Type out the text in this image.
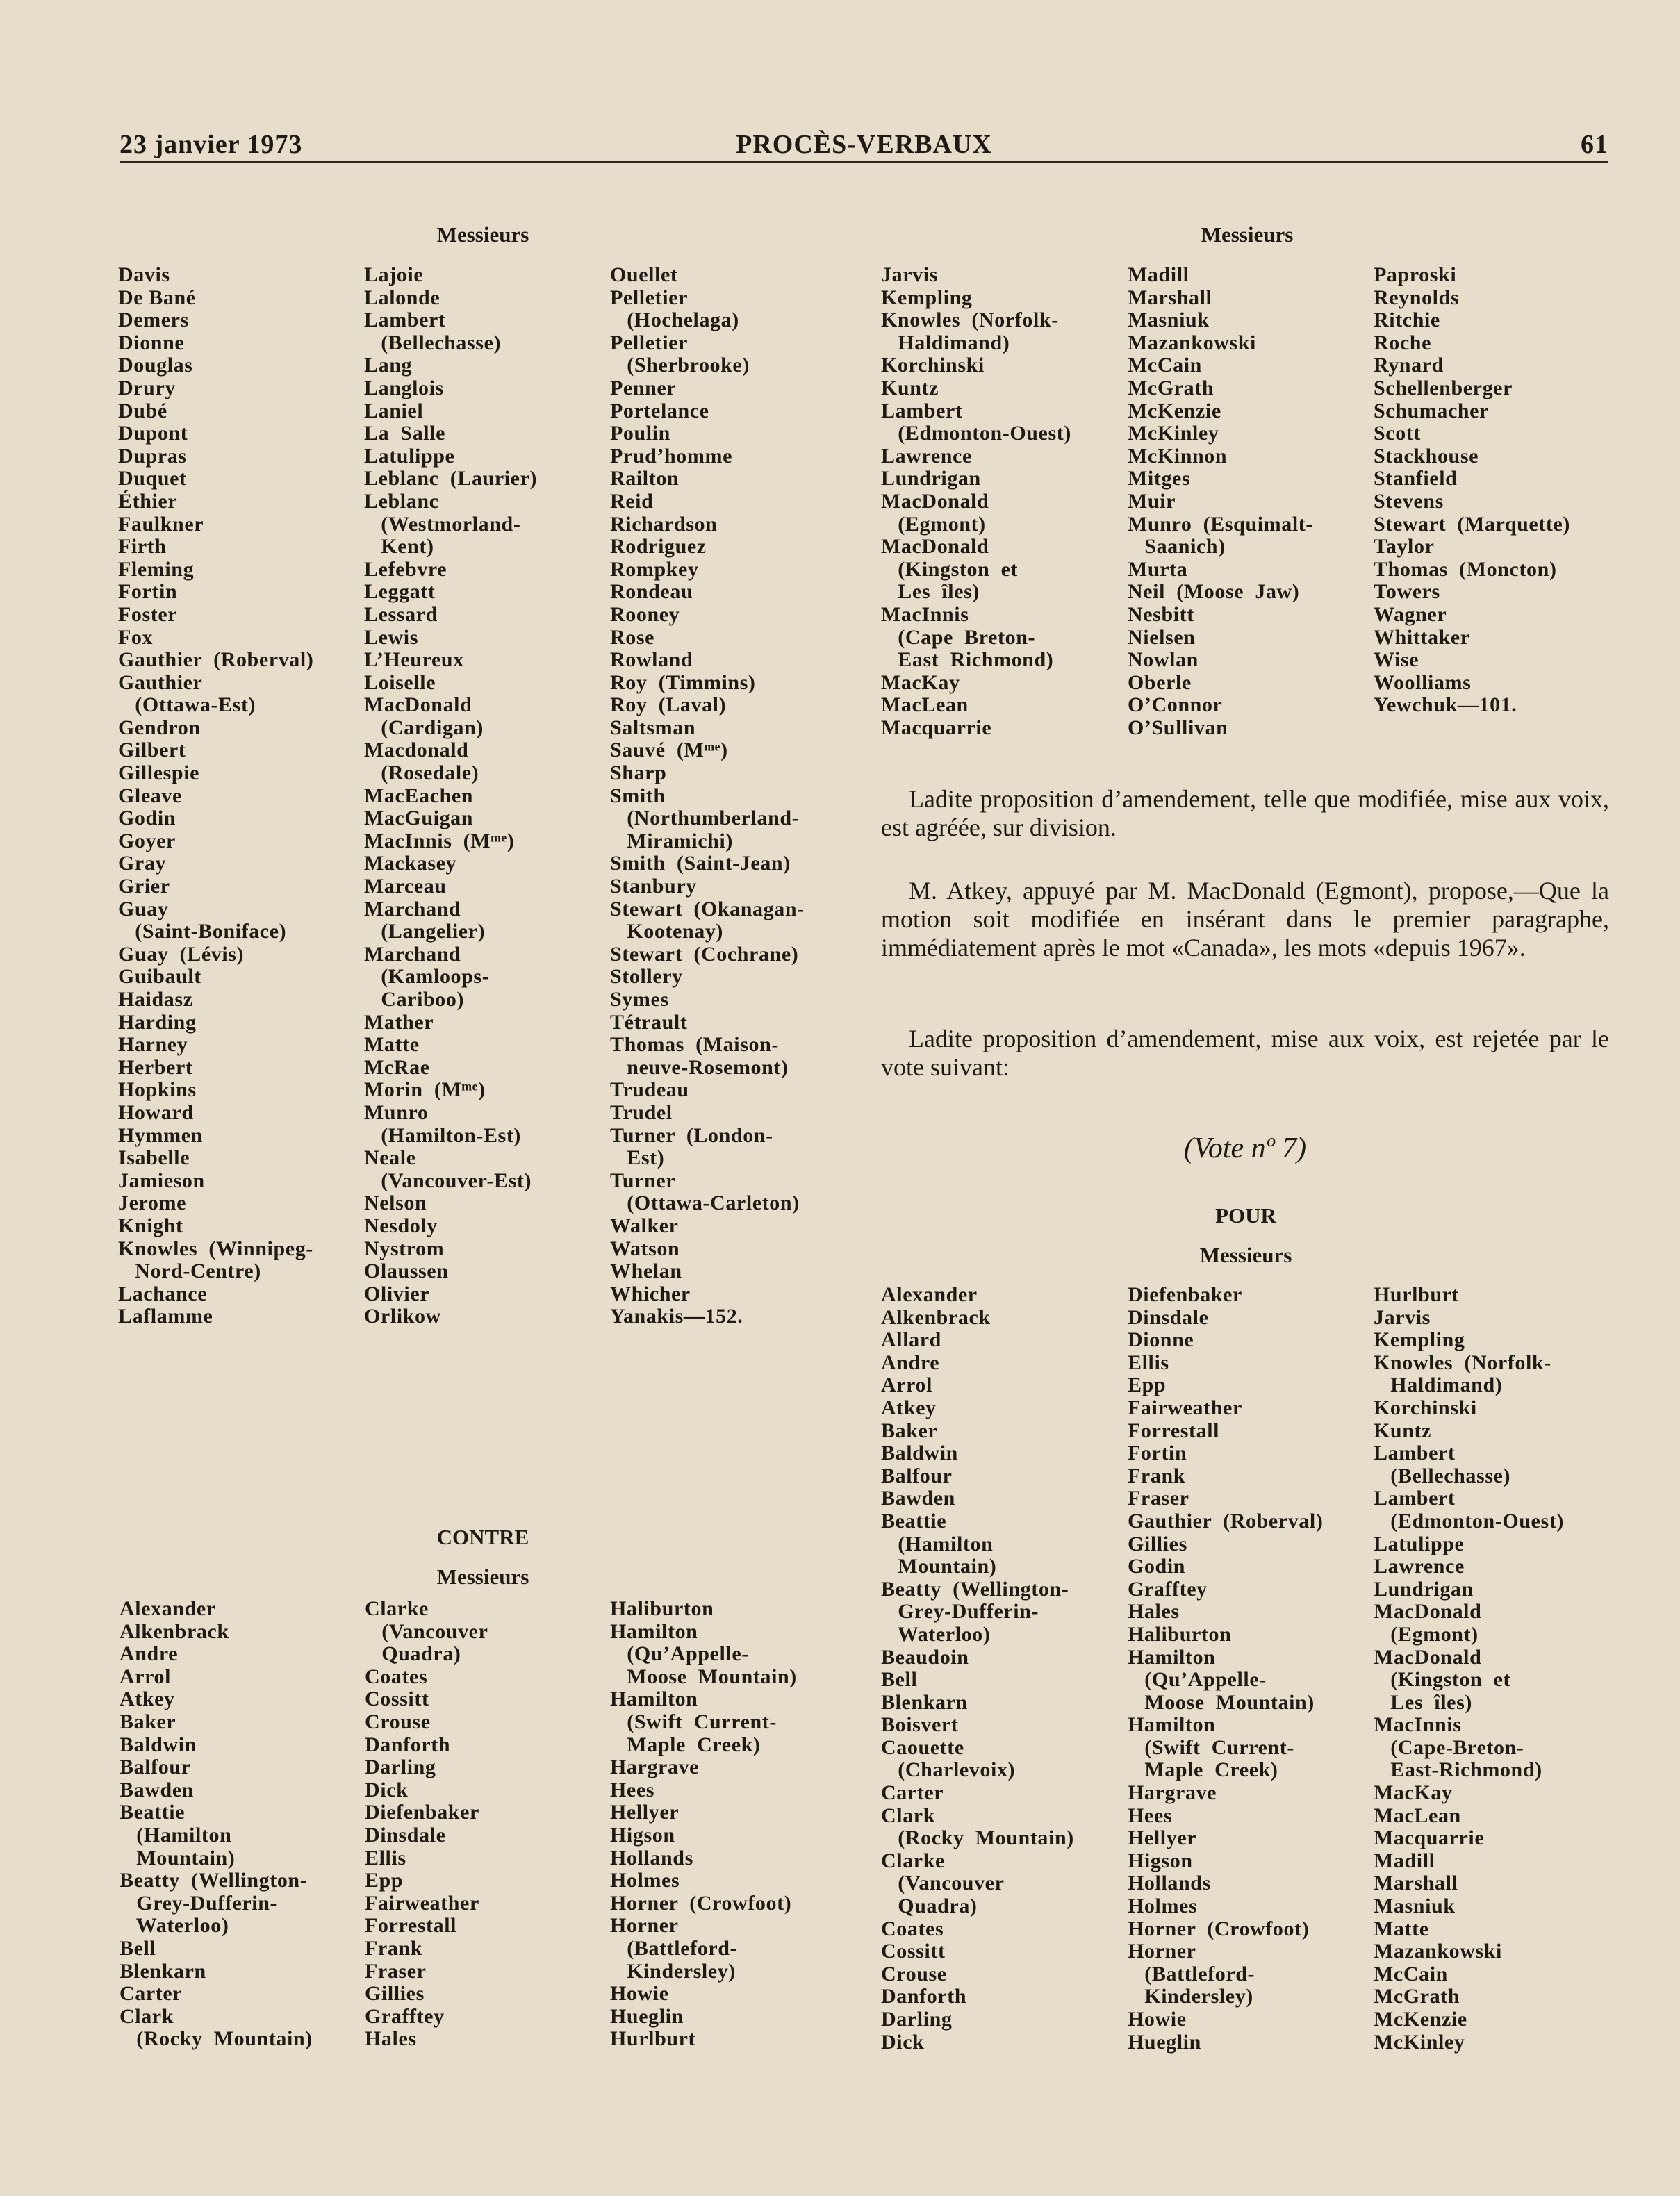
23 janvier 1973	PROCÈS-VERBAUX	61
Messieurs
Davis
De Bané
Demers
Dionne
Douglas
Drury
Dubé
Dupont
Dupras
Duquet
Éthier
Faulkner
Firth
Fleming
Fortin
Foster
Fox
Gauthier  (Roberval)
Gauthier
(Ottawa-Est)
Gendron
Gilbert
Gillespie
Gleave
Godin
Goyer
Gray
Grier
Guay
(Saint-Boniface)
Guay  (Lévis)
Guibault
Haidasz
Harding
Harney
Herbert
Hopkins
Howard
Hymmen
Isabelle
Jamieson
Jerome
Knight
Knowles  (Winnipeg-
Nord-Centre)
Lachance
Laflamme
Lajoie
Lalonde
Lambert
(Bellechasse)
Lang
Langlois
Laniel
La  Salle
Latulippe
Leblanc  (Laurier)
Leblanc
(Westmorland-
Kent)
Lefebvre
Leggatt
Lessard
Lewis
L’Heureux
Loiselle
MacDonald
(Cardigan)
Macdonald
(Rosedale)
MacEachen
MacGuigan
MacInnis  (Mᵐᵉ)
Mackasey
Marceau
Marchand
(Langelier)
Marchand
(Kamloops-
Cariboo)
Mather
Matte
McRae
Morin  (Mᵐᵉ)
Munro
(Hamilton-Est)
Neale
(Vancouver-Est)
Nelson
Nesdoly
Nystrom
Olaussen
Olivier
Orlikow
Ouellet
Pelletier
(Hochelaga)
Pelletier
(Sherbrooke)
Penner
Portelance
Poulin
Prud’homme
Railton
Reid
Richardson
Rodriguez
Rompkey
Rondeau
Rooney
Rose
Rowland
Roy  (Timmins)
Roy  (Laval)
Saltsman
Sauvé  (Mᵐᵉ)
Sharp
Smith
(Northumberland-
Miramichi)
Smith  (Saint-Jean)
Stanbury
Stewart  (Okanagan-
Kootenay)
Stewart  (Cochrane)
Stollery
Symes
Tétrault
Thomas  (Maison-
neuve-Rosemont)
Trudeau
Trudel
Turner  (London-
Est)
Turner
(Ottawa-Carleton)
Walker
Watson
Whelan
Whicher
Yanakis—152.
Messieurs
Jarvis
Kempling
Knowles  (Norfolk-
Haldimand)
Korchinski
Kuntz
Lambert
(Edmonton-Ouest)
Lawrence
Lundrigan
MacDonald
(Egmont)
MacDonald
(Kingston  et
Les  îles)
MacInnis
(Cape  Breton-
East  Richmond)
MacKay
MacLean
Macquarrie
Madill
Marshall
Masniuk
Mazankowski
McCain
McGrath
McKenzie
McKinley
McKinnon
Mitges
Muir
Munro  (Esquimalt-
Saanich)
Murta
Neil  (Moose  Jaw)
Nesbitt
Nielsen
Nowlan
Oberle
O’Connor
O’Sullivan
Paproski
Reynolds
Ritchie
Roche
Rynard
Schellenberger
Schumacher
Scott
Stackhouse
Stanfield
Stevens
Stewart  (Marquette)
Taylor
Thomas  (Moncton)
Towers
Wagner
Whittaker
Wise
Woolliams
Yewchuk—101.
Ladite proposition d’amendement, telle que modifiée, mise aux voix, est agréée, sur division.
M. Atkey, appuyé par M. MacDonald (Egmont), propose,—Que la motion soit modifiée en insérant dans le premier paragraphe, immédiatement après le mot «Canada», les mots «depuis 1967».
Ladite proposition d’amendement, mise aux voix, est rejetée par le vote suivant:
(Vote nº 7)
POUR
Messieurs
CONTRE
Messieurs
Alexander
Alkenbrack
Andre
Arrol
Atkey
Baker
Baldwin
Balfour
Bawden
Beattie
(Hamilton
Mountain)
Beatty  (Wellington-
Grey-Dufferin-
Waterloo)
Bell
Blenkarn
Carter
Clark
(Rocky  Mountain)
Clarke
(Vancouver
Quadra)
Coates
Cossitt
Crouse
Danforth
Darling
Dick
Diefenbaker
Dinsdale
Ellis
Epp
Fairweather
Forrestall
Frank
Fraser
Gillies
Grafftey
Hales
Haliburton
Hamilton
(Qu’Appelle-
Moose  Mountain)
Hamilton
(Swift  Current-
Maple  Creek)
Hargrave
Hees
Hellyer
Higson
Hollands
Holmes
Horner  (Crowfoot)
Horner
(Battleford-
Kindersley)
Howie
Hueglin
Hurlburt
Alexander
Alkenbrack
Allard
Andre
Arrol
Atkey
Baker
Baldwin
Balfour
Bawden
Beattie
(Hamilton
Mountain)
Beatty  (Wellington-
Grey-Dufferin-
Waterloo)
Beaudoin
Bell
Blenkarn
Boisvert
Caouette
(Charlevoix)
Carter
Clark
(Rocky  Mountain)
Clarke
(Vancouver
Quadra)
Coates
Cossitt
Crouse
Danforth
Darling
Dick
Diefenbaker
Dinsdale
Dionne
Ellis
Epp
Fairweather
Forrestall
Fortin
Frank
Fraser
Gauthier  (Roberval)
Gillies
Godin
Grafftey
Hales
Haliburton
Hamilton
(Qu’Appelle-
Moose  Mountain)
Hamilton
(Swift  Current-
Maple  Creek)
Hargrave
Hees
Hellyer
Higson
Hollands
Holmes
Horner  (Crowfoot)
Horner
(Battleford-
Kindersley)
Howie
Hueglin
Hurlburt
Jarvis
Kempling
Knowles  (Norfolk-
Haldimand)
Korchinski
Kuntz
Lambert
(Bellechasse)
Lambert
(Edmonton-Ouest)
Latulippe
Lawrence
Lundrigan
MacDonald
(Egmont)
MacDonald
(Kingston  et
Les  îles)
MacInnis
(Cape-Breton-
East-Richmond)
MacKay
MacLean
Macquarrie
Madill
Marshall
Masniuk
Matte
Mazankowski
McCain
McGrath
McKenzie
McKinley
